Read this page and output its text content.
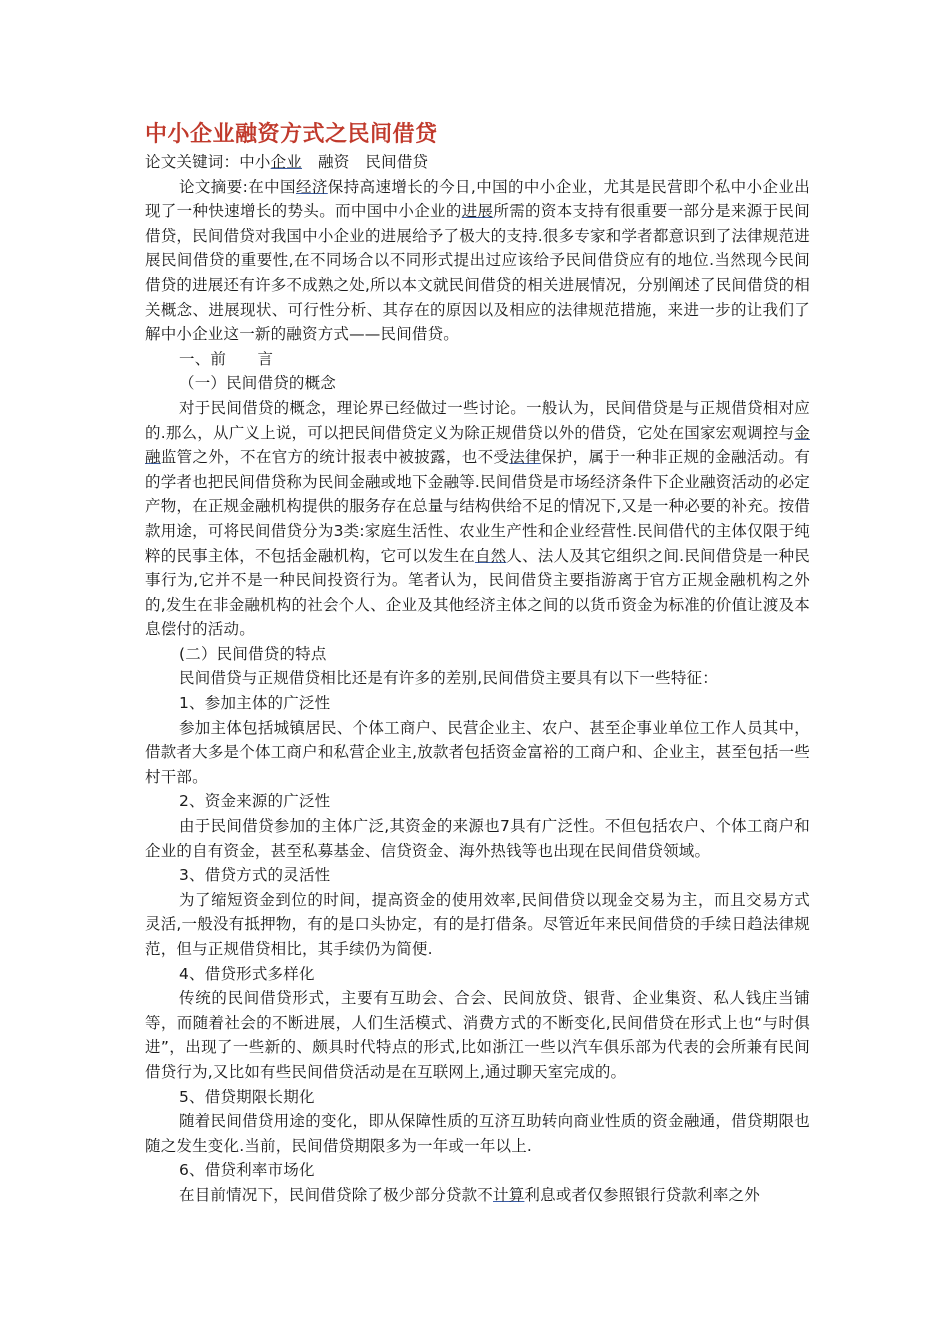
中小企业融资方式之民间借贷

论文关键词：中小企业 融资 民间借贷

论文摘要:在中国经济保持高速增长的今日,中国的中小企业，尤其是民营即个私中小企业出现了一种快速增长的势头。而中国中小企业的进展所需的资本支持有很重要一部分是来源于民间借贷，民间借贷对我国中小企业的进展给予了极大的支持.很多专家和学者都意识到了法律规范进展民间借贷的重要性,在不同场合以不同形式提出过应该给予民间借贷应有的地位.当然现今民间借贷的进展还有许多不成熟之处,所以本文就民间借贷的相关进展情况，分别阐述了民间借贷的相关概念、进展现状、可行性分析、其存在的原因以及相应的法律规范措施，来进一步的让我们了解中小企业这一新的融资方式——民间借贷。

一、前　　言

（一）民间借贷的概念

对于民间借贷的概念，理论界已经做过一些讨论。一般认为，民间借贷是与正规借贷相对应的.那么，从广义上说，可以把民间借贷定义为除正规借贷以外的借贷，它处在国家宏观调控与金融监管之外，不在官方的统计报表中被披露，也不受法律保护，属于一种非正规的金融活动。有的学者也把民间借贷称为民间金融或地下金融等.民间借贷是市场经济条件下企业融资活动的必定产物，在正规金融机构提供的服务存在总量与结构供给不足的情况下,又是一种必要的补充。按借款用途，可将民间借贷分为3类:家庭生活性、农业生产性和企业经营性.民间借代的主体仅限于纯粹的民事主体，不包括金融机构，它可以发生在自然人、法人及其它组织之间.民间借贷是一种民事行为,它并不是一种民间投资行为。笔者认为，民间借贷主要指游离于官方正规金融机构之外的,发生在非金融机构的社会个人、企业及其他经济主体之间的以货币资金为标准的价值让渡及本息偿付的活动。

(二）民间借贷的特点

民间借贷与正规借贷相比还是有许多的差别,民间借贷主要具有以下一些特征：

1、参加主体的广泛性

参加主体包括城镇居民、个体工商户、民营企业主、农户、甚至企事业单位工作人员其中，借款者大多是个体工商户和私营企业主,放款者包括资金富裕的工商户和、企业主，甚至包括一些村干部。

2、资金来源的广泛性

由于民间借贷参加的主体广泛,其资金的来源也7具有广泛性。不但包括农户、个体工商户和企业的自有资金，甚至私募基金、信贷资金、海外热钱等也出现在民间借贷领域。

3、借贷方式的灵活性

为了缩短资金到位的时间，提高资金的使用效率,民间借贷以现金交易为主，而且交易方式灵活,一般没有抵押物，有的是口头协定，有的是打借条。尽管近年来民间借贷的手续日趋法律规范，但与正规借贷相比，其手续仍为简便.

4、借贷形式多样化

传统的民间借贷形式，主要有互助会、合会、民间放贷、银背、企业集资、私人钱庄当铺等，而随着社会的不断进展，人们生活模式、消费方式的不断变化,民间借贷在形式上也“与时俱进”，出现了一些新的、颇具时代特点的形式,比如浙江一些以汽车俱乐部为代表的会所兼有民间借贷行为,又比如有些民间借贷活动是在互联网上,通过聊天室完成的。

5、借贷期限长期化

随着民间借贷用途的变化，即从保障性质的互济互助转向商业性质的资金融通，借贷期限也随之发生变化.当前，民间借贷期限多为一年或一年以上.

6、借贷利率市场化

在目前情况下，民间借贷除了极少部分贷款不计算利息或者仅参照银行贷款利率之外
